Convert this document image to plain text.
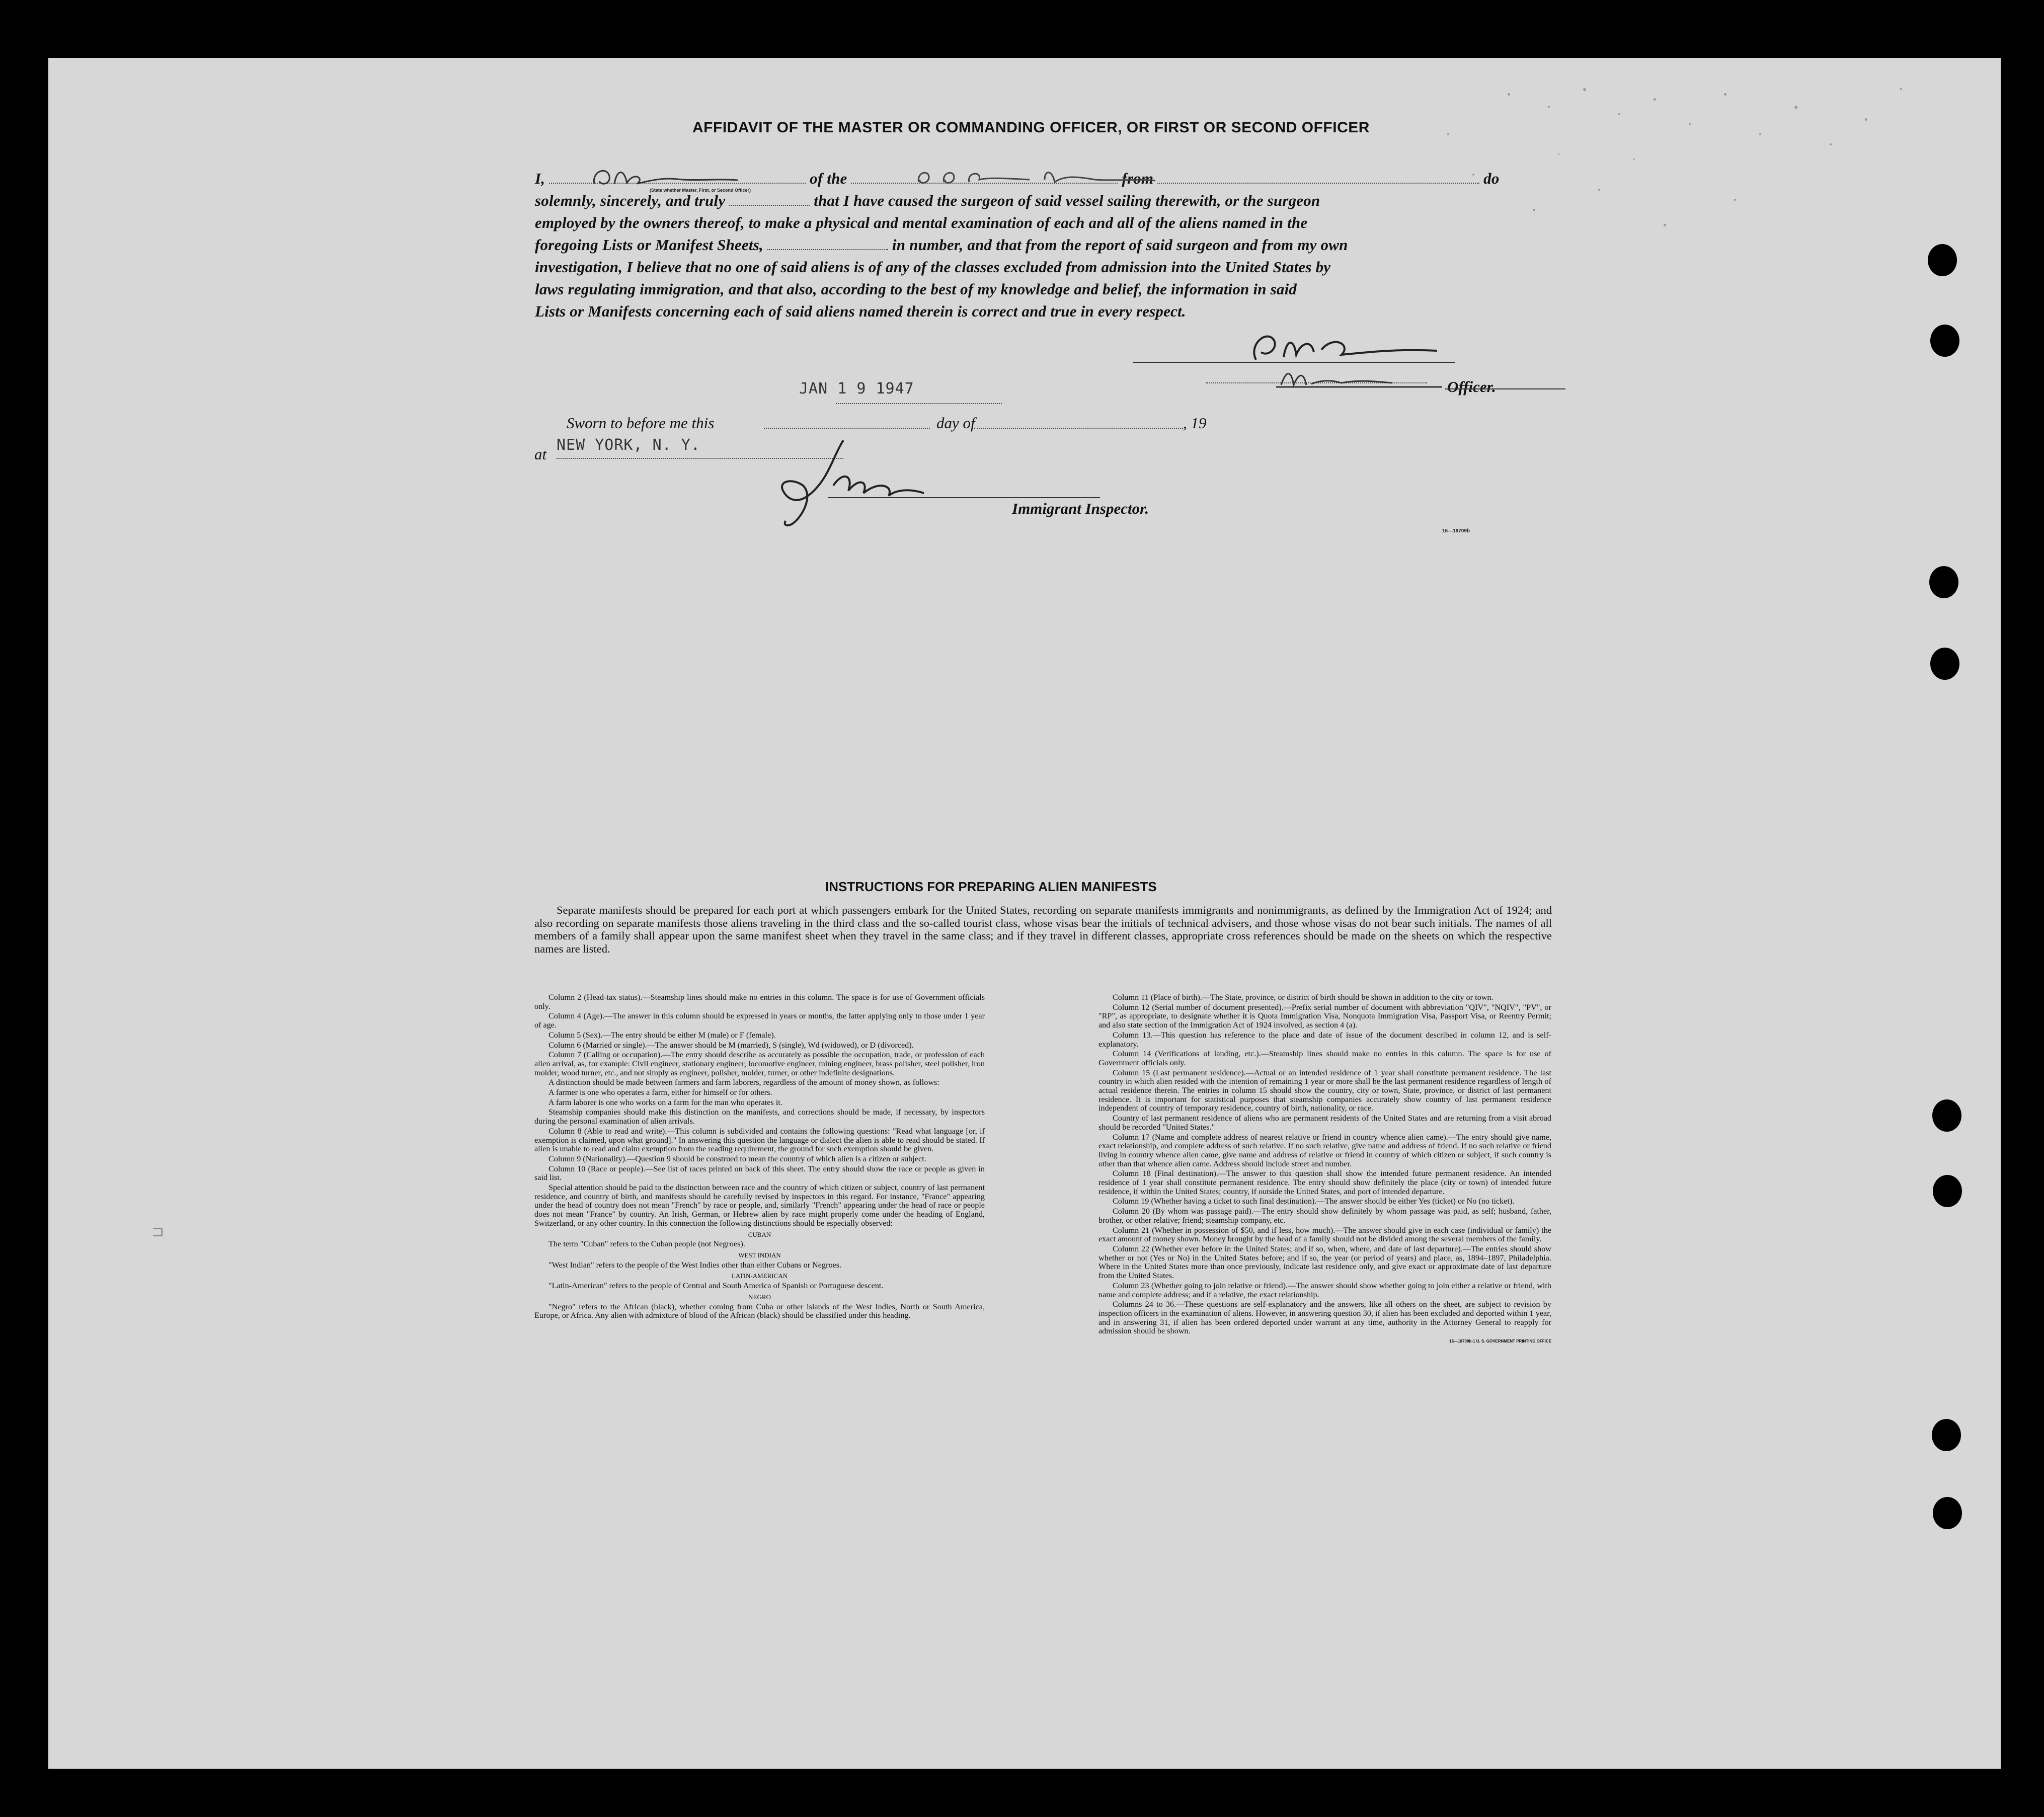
AFFIDAVIT OF THE MASTER OR COMMANDING OFFICER, OR FIRST OR SECOND OFFICER
I,	of the	from	do
(State whether Master, First, or Second Officer)
solemnly, sincerely, and truly	that I have caused the surgeon of said vessel sailing therewith, or the surgeon
employed by the owners thereof, to make a physical and mental examination of each and all of the aliens named in the
foregoing Lists or Manifest Sheets,	in number, and that from the report of said surgeon and from my own
investigation, I believe that no one of said aliens is of any of the classes excluded from admission into the United States by
laws regulating immigration, and that also, according to the best of my knowledge and belief, the information in said
Lists or Manifests concerning each of said aliens named therein is correct and true in every respect.
Officer.
JAN 1 9 1947
Sworn to before me this	day of	, 19
at
NEW YORK, N. Y.
Immigrant Inspector.
16—18709b
⊐
INSTRUCTIONS FOR PREPARING ALIEN MANIFESTS
Separate manifests should be prepared for each port at which passengers embark for the United States, recording on separate manifests immigrants and nonimmigrants, as defined by the Immigration Act of 1924; and also recording on separate manifests those aliens traveling in the third class and the so-called tourist class, whose visas bear the initials of technical advisers, and those whose visas do not bear such initials. The names of all members of a family shall appear upon the same manifest sheet when they travel in the same class; and if they travel in different classes, appropriate cross references should be made on the sheets on which the respective names are listed.

Column 2 (Head-tax status).—Steamship lines should make no entries in this column. The space is for use of Government officials only.

Column 4 (Age).—The answer in this column should be expressed in years or months, the latter applying only to those under 1 year of age.

Column 5 (Sex).—The entry should be either M (male) or F (female).

Column 6 (Married or single).—The answer should be M (married), S (single), Wd (widowed), or D (divorced).

Column 7 (Calling or occupation).—The entry should describe as accurately as possible the occupation, trade, or profession of each alien arrival, as, for example: Civil engineer, stationary engineer, locomotive engineer, mining engineer, brass polisher, steel polisher, iron molder, wood turner, etc., and not simply as engineer, polisher, molder, turner, or other indefinite designations.

A distinction should be made between farmers and farm laborers, regardless of the amount of money shown, as follows:

A farmer is one who operates a farm, either for himself or for others.

A farm laborer is one who works on a farm for the man who operates it.

Steamship companies should make this distinction on the manifests, and corrections should be made, if necessary, by inspectors during the personal examination of alien arrivals.

Column 8 (Able to read and write).—This column is subdivided and contains the following questions: "Read what language [or, if exemption is claimed, upon what ground]." In answering this question the language or dialect the alien is able to read should be stated. If alien is unable to read and claim exemption from the reading requirement, the ground for such exemption should be given.

Column 9 (Nationality).—Question 9 should be construed to mean the country of which alien is a citizen or subject.

Column 10 (Race or people).—See list of races printed on back of this sheet. The entry should show the race or people as given in said list.

Special attention should be paid to the distinction between race and the country of which citizen or subject, country of last permanent residence, and country of birth, and manifests should be carefully revised by inspectors in this regard. For instance, "France" appearing under the head of country does not mean "French" by race or people, and, similarly "French" appearing under the head of race or people does not mean "France" by country. An Irish, German, or Hebrew alien by race might properly come under the heading of England, Switzerland, or any other country. In this connection the following distinctions should be especially observed:

CUBAN

The term "Cuban" refers to the Cuban people (not Negroes).

WEST INDIAN

"West Indian" refers to the people of the West Indies other than either Cubans or Negroes.

LATIN-AMERICAN

"Latin-American" refers to the people of Central and South America of Spanish or Portuguese descent.

NEGRO

"Negro" refers to the African (black), whether coming from Cuba or other islands of the West Indies, North or South America, Europe, or Africa. Any alien with admixture of blood of the African (black) should be classified under this heading.

Column 11 (Place of birth).—The State, province, or district of birth should be shown in addition to the city or town.

Column 12 (Serial number of document presented).—Prefix serial number of document with abbreviation "QIV", "NQIV", "PV", or "RP", as appropriate, to designate whether it is Quota Immigration Visa, Nonquota Immigration Visa, Passport Visa, or Reentry Permit; and also state section of the Immigration Act of 1924 involved, as section 4 (a).

Column 13.—This question has reference to the place and date of issue of the document described in column 12, and is self-explanatory.

Column 14 (Verifications of landing, etc.).—Steamship lines should make no entries in this column. The space is for use of Government officials only.

Column 15 (Last permanent residence).—Actual or an intended residence of 1 year shall constitute permanent residence. The last country in which alien resided with the intention of remaining 1 year or more shall be the last permanent residence regardless of length of actual residence therein. The entries in column 15 should show the country, city or town, State, province, or district of last permanent residence. It is important for statistical purposes that steamship companies accurately show country of last permanent residence independent of country of temporary residence, country of birth, nationality, or race.

Country of last permanent residence of aliens who are permanent residents of the United States and are returning from a visit abroad should be recorded "United States."

Column 17 (Name and complete address of nearest relative or friend in country whence alien came).—The entry should give name, exact relationship, and complete address of such relative. If no such relative, give name and address of friend. If no such relative or friend living in country whence alien came, give name and address of relative or friend in country of which citizen or subject, if such country is other than that whence alien came. Address should include street and number.

Column 18 (Final destination).—The answer to this question shall show the intended future permanent residence. An intended residence of 1 year shall constitute permanent residence. The entry should show definitely the place (city or town) of intended future residence, if within the United States; country, if outside the United States, and port of intended departure.

Column 19 (Whether having a ticket to such final destination).—The answer should be either Yes (ticket) or No (no ticket).

Column 20 (By whom was passage paid).—The entry should show definitely by whom passage was paid, as self; husband, father, brother, or other relative; friend; steamship company, etc.

Column 21 (Whether in possession of $50, and if less, how much).—The answer should give in each case (individual or family) the exact amount of money shown. Money brought by the head of a family should not be divided among the several members of the family.

Column 22 (Whether ever before in the United States; and if so, when, where, and date of last departure).—The entries should show whether or not (Yes or No) in the United States before; and if so, the year (or period of years) and place, as, 1894–1897, Philadelphia. Where in the United States more than once previously, indicate last residence only, and give exact or approximate date of last departure from the United States.

Column 23 (Whether going to join relative or friend).—The answer should show whether going to join either a relative or friend, with name and complete address; and if a relative, the exact relationship.

Columns 24 to 36.—These questions are self-explanatory and the answers, like all others on the sheet, are subject to revision by inspection officers in the examination of aliens. However, in answering question 30, if alien has been excluded and deported within 1 year, and in answering 31, if alien has been ordered deported under warrant at any time, authority in the Attorney General to reapply for admission should be shown.

16—18709b-1 U. S. GOVERNMENT PRINTING OFFICE
